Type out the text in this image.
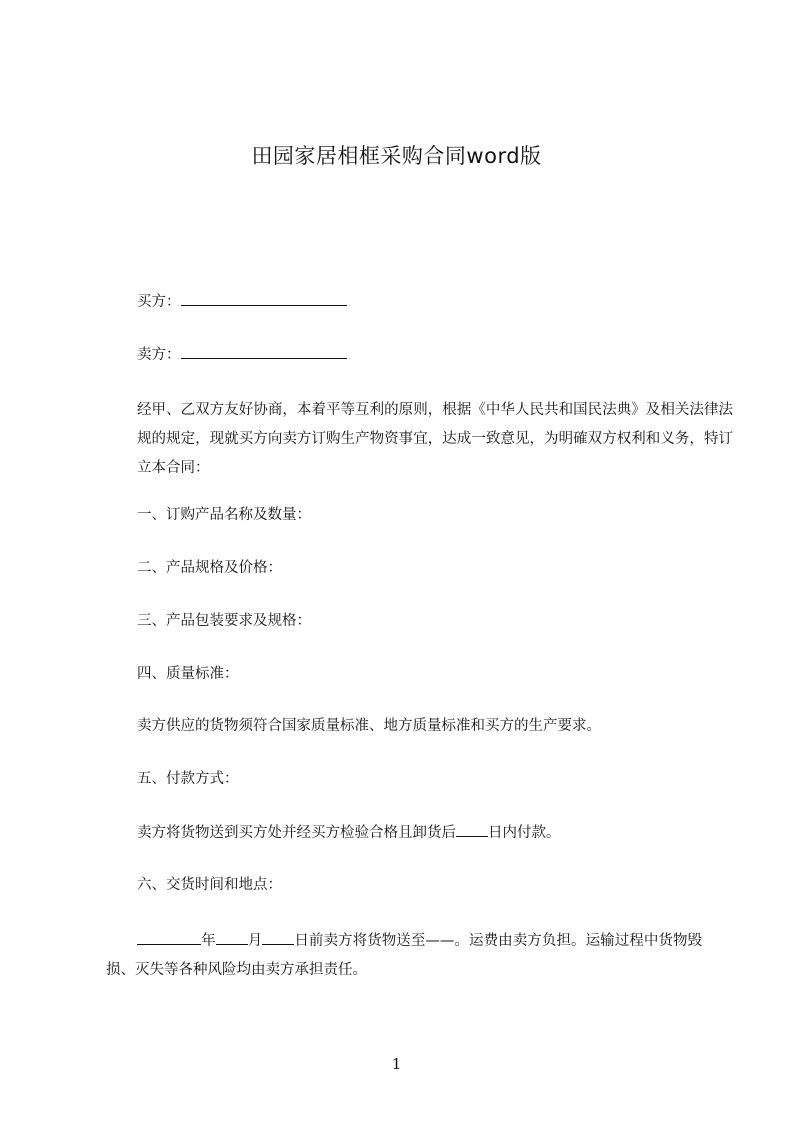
田园家居相框采购合同word版
买方：
卖方：
经甲、乙双方友好协商，本着平等互利的原则，根据《中华人民共和国民法典》及相关法律法规的规定，现就买方向卖方订购生产物资事宜，达成一致意见，为明確双方权利和义务，特订立本合同：
一、订购产品名称及数量：
二、产品规格及价格：
三、产品包装要求及规格：
四、质量标准：
卖方供应的货物须符合国家质量标准、地方质量标准和买方的生产要求。
五、付款方式：
卖方将货物送到买方处并经买方检验合格且卸货后 日内付款。
六、交货时间和地点：
年 月 日前卖方将货物送至——。运费由卖方负担。运输过程中货物毁损、灭失等各种风险均由卖方承担责任。
1
